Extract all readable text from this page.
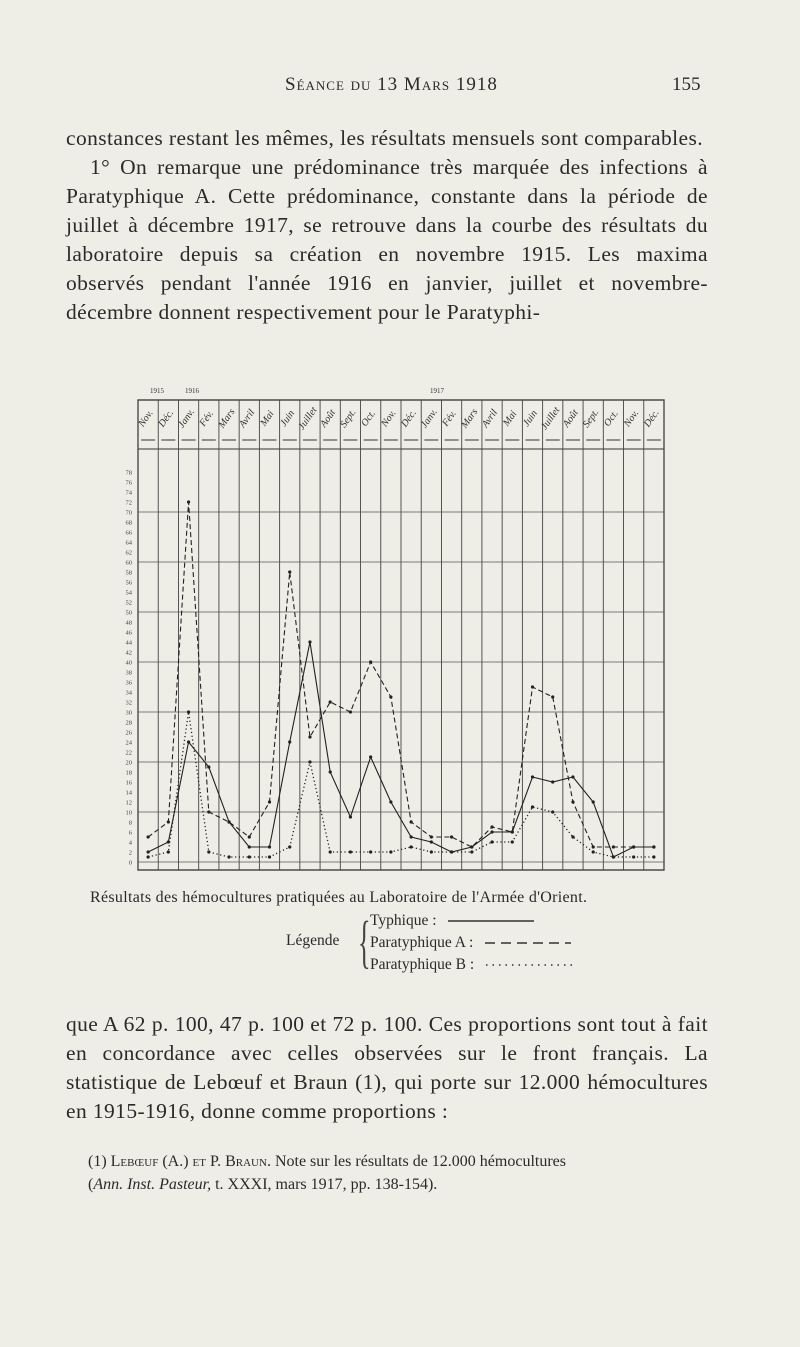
Séance du 13 Mars 1918	155

constances restant les mêmes, les résultats mensuels sont comparables.

1° On remarque une prédominance très marquée des infections à Paratyphique A. Cette prédominance, constante dans la période de juillet à décembre 1917, se retrouve dans la courbe des résultats du laboratoire depuis sa création en novembre 1915. Les maxima observés pendant l'année 1916 en janvier, juillet et novembre-décembre donnent respectivement pour le Paratyphi-

Nov. Déc. Janv. Fév. Mars Avril Mai Juin Juillet
Août Sept. Oct. Nov. Déc. Janv. Fév. Mars Avril Mai Juin Juillet
Août Sept. Oct. Nov. Déc.
1915	1916	1917
0
2
4
6
8
10
12
14
16
18
20
22
24
26
28
30
32
34
36
38
40
42
44
46
48
50
52
54
56
58
60
62
64
66
68
70
72
74
76
78
Résultats des hémocultures pratiquées au Laboratoire de l'Armée d'Orient.
Légende { Typhique :
Paratyphique A :
Paratyphique B :

que A 62 p. 100, 47 p. 100 et 72 p. 100. Ces proportions sont tout à fait en concordance avec celles observées sur le front français. La statistique de Lebœuf et Braun (1), qui porte sur 12.000 hémocultures en 1915-1916, donne comme proportions :

(1) Lebœuf (A.) et P. Braun. Note sur les résultats de 12.000 hémocultures
(Ann. Inst. Pasteur, t. XXXI, mars 1917, pp. 138-154).
